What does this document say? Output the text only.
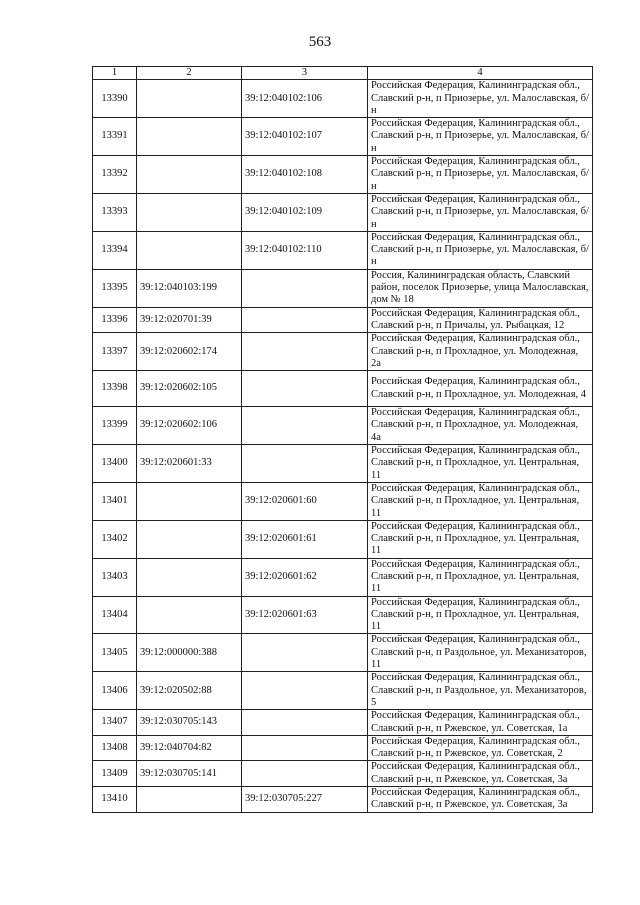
563
1	2	3	4
13390		39:12:040102:106	Российская Федерация, Калининградская обл., Славский р-н, п Приозерье, ул. Малославская, б/н
13391		39:12:040102:107	Российская Федерация, Калининградская обл., Славский р-н, п Приозерье, ул. Малославская, б/н
13392		39:12:040102:108	Российская Федерация, Калининградская обл., Славский р-н, п Приозерье, ул. Малославская, б/н
13393		39:12:040102:109	Российская Федерация, Калининградская обл., Славский р-н, п Приозерье, ул. Малославская, б/н
13394		39:12:040102:110	Российская Федерация, Калининградская обл., Славский р-н, п Приозерье, ул. Малославская, б/н
13395	39:12:040103:199		Россия, Калининградская область, Славский район, поселок Приозерье, улица Малославская, дом № 18
13396	39:12:020701:39		Российская Федерация, Калининградская обл., Славский р-н, п Причалы, ул. Рыбацкая, 12
13397	39:12:020602:174		Российская Федерация, Калининградская обл., Славский р-н, п Прохладное, ул. Молодежная, 2а
13398	39:12:020602:105		Российская Федерация, Калининградская обл., Славский р-н, п Прохладное, ул. Молодежная, 4
13399	39:12:020602:106		Российская Федерация, Калининградская обл., Славский р-н, п Прохладное, ул. Молодежная, 4а
13400	39:12:020601:33		Российская Федерация, Калининградская обл., Славский р-н, п Прохладное, ул. Центральная, 11
13401		39:12:020601:60	Российская Федерация, Калининградская обл., Славский р-н, п Прохладное, ул. Центральная, 11
13402		39:12:020601:61	Российская Федерация, Калининградская обл., Славский р-н, п Прохладное, ул. Центральная, 11
13403		39:12:020601:62	Российская Федерация, Калининградская обл., Славский р-н, п Прохладное, ул. Центральная, 11
13404		39:12:020601:63	Российская Федерация, Калининградская обл., Славский р-н, п Прохладное, ул. Центральная, 11
13405	39:12:000000:388		Российская Федерация, Калининградская обл., Славский р-н, п Раздольное, ул. Механизаторов, 11
13406	39:12:020502:88		Российская Федерация, Калининградская обл., Славский р-н, п Раздольное, ул. Механизаторов, 5
13407	39:12:030705:143		Российская Федерация, Калининградская обл., Славский р-н, п Ржевское, ул. Советская, 1а
13408	39:12:040704:82		Российская Федерация, Калининградская обл., Славский р-н, п Ржевское, ул. Советская, 2
13409	39:12:030705:141		Российская Федерация, Калининградская обл., Славский р-н, п Ржевское, ул. Советская, 3а
13410		39:12:030705:227	Российская Федерация, Калининградская обл., Славский р-н, п Ржевское, ул. Советская, 3а
